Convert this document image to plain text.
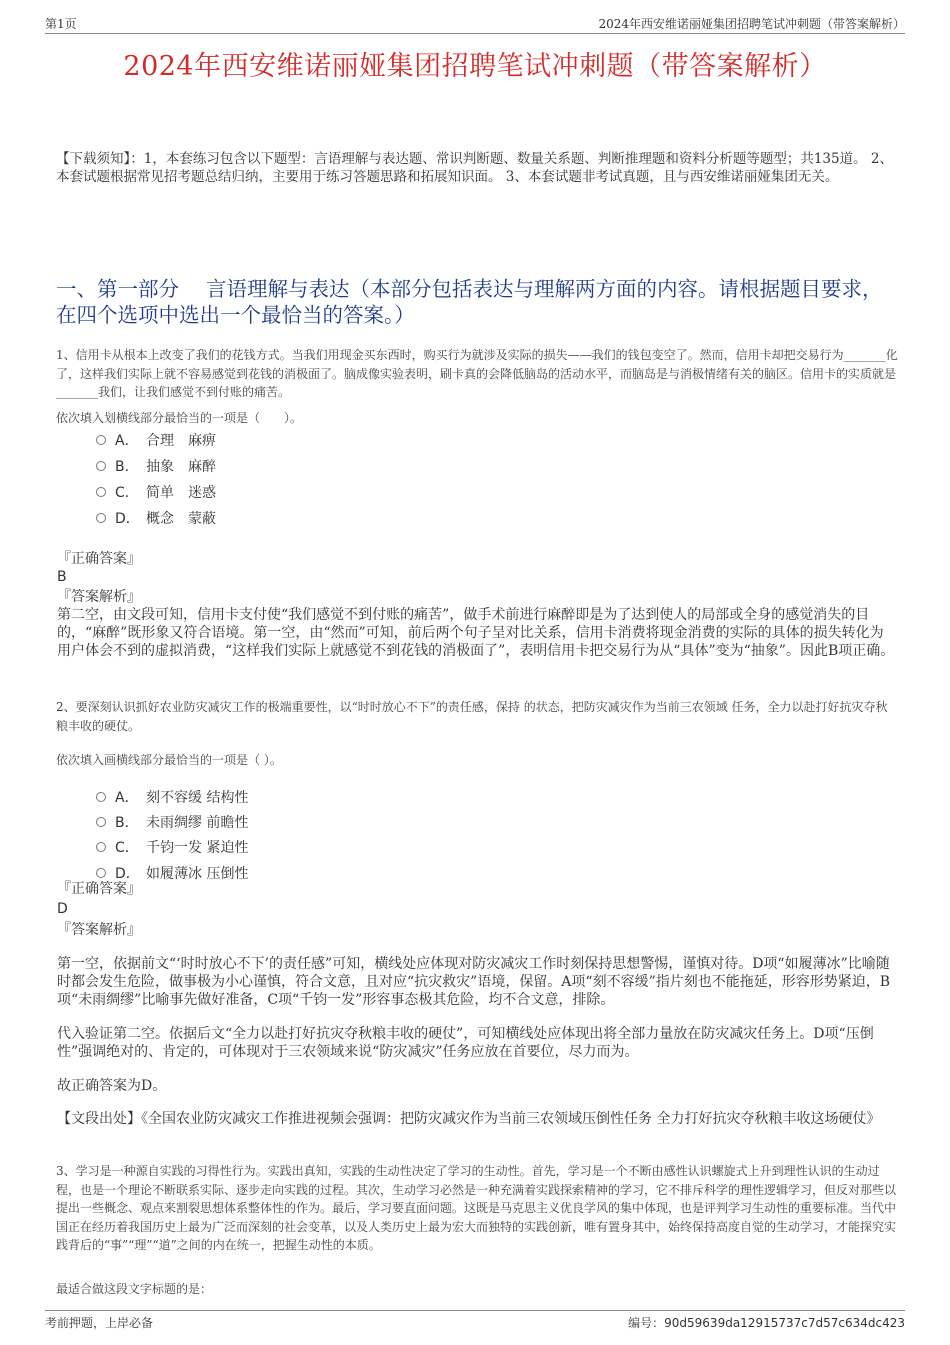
第1页	2024年西安维诺丽娅集团招聘笔试冲刺题（带答案解析）
2024年西安维诺丽娅集团招聘笔试冲刺题（带答案解析）
【下载须知】：1，本套练习包含以下题型：言语理解与表达题、常识判断题、数量关系题、判断推理题和资料分析题等题型；共135道。 2、本套试题根据常见招考题总结归纳，主要用于练习答题思路和拓展知识面。 3、本套试题非考试真题，且与西安维诺丽娅集团无关。
一、第一部分　 言语理解与表达（本部分包括表达与理解两方面的内容。请根据题目要求，在四个选项中选出一个最恰当的答案。）
1、信用卡从根本上改变了我们的花钱方式。当我们用现金买东西时，购买行为就涉及实际的损失——我们的钱包变空了。然而，信用卡却把交易行为_______化了，这样我们实际上就不容易感觉到花钱的消极面了。脑成像实验表明，刷卡真的会降低脑岛的活动水平，而脑岛是与消极情绪有关的脑区。信用卡的实质就是_______我们，让我们感觉不到付账的痛苦。
依次填入划横线部分最恰当的一项是（　　）。
A． 合理　麻痹
B． 抽象　麻醉
C． 简单　迷惑
D． 概念　蒙蔽
『正确答案』
B
『答案解析』
第二空，由文段可知，信用卡支付使“我们感觉不到付账的痛苦”，做手术前进行麻醉即是为了达到使人的局部或全身的感觉消失的目的，“麻醉”既形象又符合语境。第一空，由“然而”可知，前后两个句子呈对比关系，信用卡消费将现金消费的实际的具体的损失转化为用户体会不到的虚拟消费，“这样我们实际上就感觉不到花钱的消极面了”，表明信用卡把交易行为从“具体”变为“抽象”。因此B项正确。
2、要深刻认识抓好农业防灾减灾工作的极端重要性，以“时时放心不下”的责任感，保持 的状态，把防灾减灾作为当前三农领域 任务，全力以赴打好抗灾夺秋粮丰收的硬仗。
依次填入画横线部分最恰当的一项是（ ）。
A． 刻不容缓 结构性
B． 未雨绸缪 前瞻性
C． 千钧一发 紧迫性
D． 如履薄冰 压倒性
『正确答案』
D
『答案解析』
第一空，依据前文“‘时时放心不下’的责任感”可知，横线处应体现对防灾减灾工作时刻保持思想警惕，谨慎对待。D项“如履薄冰”比喻随时都会发生危险，做事极为小心谨慎，符合文意，且对应“抗灾救灾”语境，保留。A项“刻不容缓”指片刻也不能拖延，形容形势紧迫，B项“未雨绸缪”比喻事先做好准备，C项“千钧一发”形容事态极其危险，均不合文意，排除。
代入验证第二空。依据后文“全力以赴打好抗灾夺秋粮丰收的硬仗”，可知横线处应体现出将全部力量放在防灾减灾任务上。D项“压倒性”强调绝对的、肯定的，可体现对于三农领域来说“防灾减灾”任务应放在首要位，尽力而为。
故正确答案为D。
【文段出处】《全国农业防灾减灾工作推进视频会强调：把防灾减灾作为当前三农领域压倒性任务 全力打好抗灾夺秋粮丰收这场硬仗》
3、学习是一种源自实践的习得性行为。实践出真知，实践的生动性决定了学习的生动性。首先，学习是一个不断由感性认识螺旋式上升到理性认识的生动过程，也是一个理论不断联系实际、逐步走向实践的过程。其次，生动学习必然是一种充满着实践探索精神的学习，它不排斥科学的理性逻辑学习，但反对那些以提出一些概念、观点来割裂思想体系整体性的作为。最后，学习要直面问题。这既是马克思主义优良学风的集中体现，也是评判学习生动性的重要标准。当代中国正在经历着我国历史上最为广泛而深刻的社会变革，以及人类历史上最为宏大而独特的实践创新，唯有置身其中，始终保持高度自觉的生动学习，才能探究实践背后的“事”“理”“道”之间的内在统一，把握生动性的本质。
最适合做这段文字标题的是：
考前押题，上岸必备	编号：90d59639da12915737c7d57c634dc423
